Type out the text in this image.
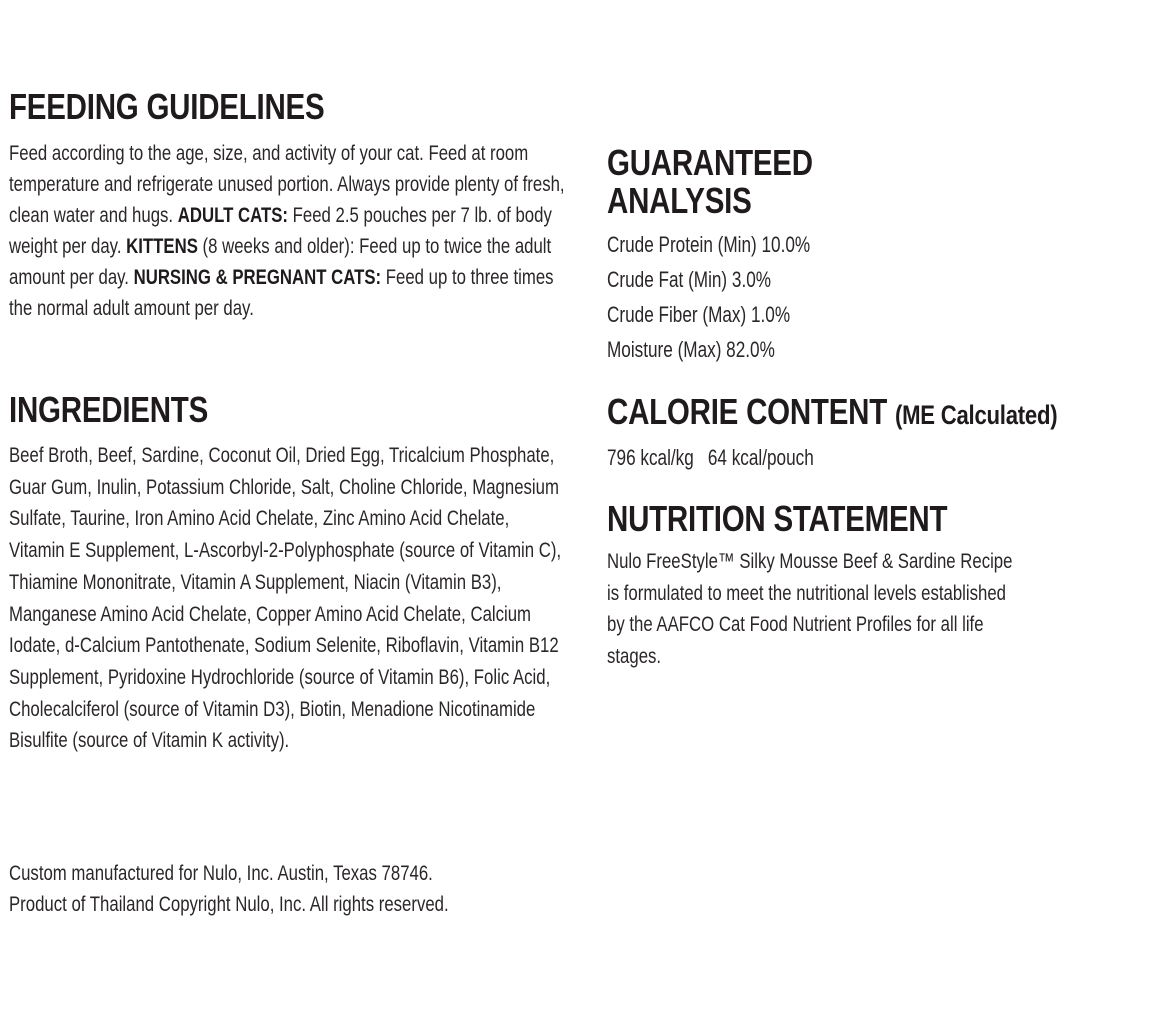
FEEDING GUIDELINES

Feed according to the age, size, and activity of your cat. Feed at room temperature and refrigerate unused portion. Always provide plenty of fresh, clean water and hugs. ADULT CATS: Feed 2.5 pouches per 7 lb. of body weight per day. KITTENS (8 weeks and older): Feed up to twice the adult amount per day. NURSING & PREGNANT CATS: Feed up to three times the normal adult amount per day.

INGREDIENTS

Beef Broth, Beef, Sardine, Coconut Oil, Dried Egg, Tricalcium Phosphate, Guar Gum, Inulin, Potassium Chloride, Salt, Choline Chloride, Magnesium Sulfate, Taurine, Iron Amino Acid Chelate, Zinc Amino Acid Chelate, Vitamin E Supplement, L-Ascorbyl-2-Polyphosphate (source of Vitamin C), Thiamine Mononitrate, Vitamin A Supplement, Niacin (Vitamin B3), Manganese Amino Acid Chelate, Copper Amino Acid Chelate, Calcium Iodate, d-Calcium Pantothenate, Sodium Selenite, Riboflavin, Vitamin B12 Supplement, Pyridoxine Hydrochloride (source of Vitamin B6), Folic Acid, Cholecalciferol (source of Vitamin D3), Biotin, Menadione Nicotinamide Bisulfite (source of Vitamin K activity).

Custom manufactured for Nulo, Inc. Austin, Texas 78746.

Product of Thailand Copyright Nulo, Inc. All rights reserved.

GUARANTEED
ANALYSIS
Crude Protein (Min) 10.0%
Crude Fat (Min) 3.0%
Crude Fiber (Max) 1.0%
Moisture (Max) 82.0%
CALORIE CONTENT (ME Calculated)
796 kcal/kg 64 kcal/pouch
NUTRITION STATEMENT

Nulo FreeStyle™ Silky Mousse Beef & Sardine Recipe is formulated to meet the nutritional levels established by the AAFCO Cat Food Nutrient Profiles for all life stages.
